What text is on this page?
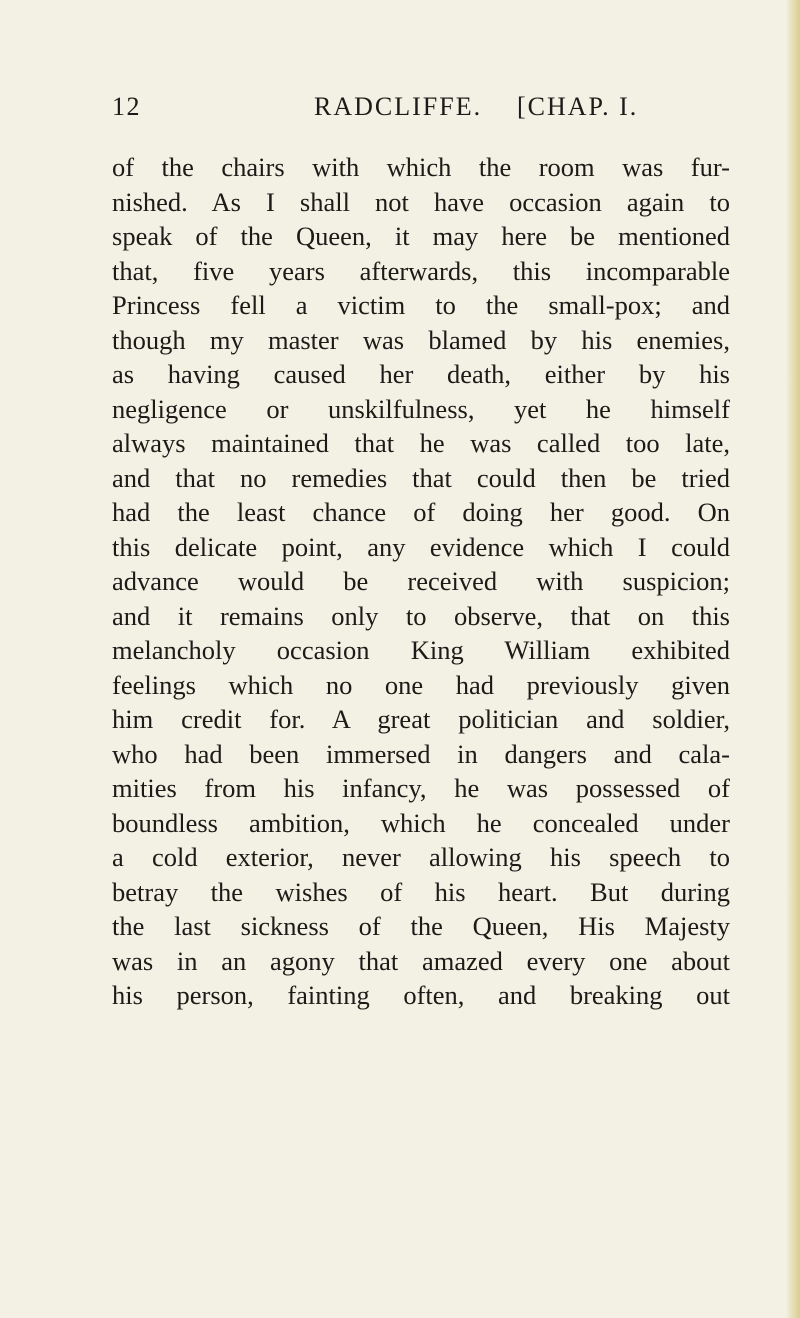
12	RADCLIFFE. [CHAP. I.
of the chairs with which the room was fur-
nished. As I shall not have occasion again to
speak of the Queen, it may here be mentioned
that, five years afterwards, this incomparable
Princess fell a victim to the small-pox; and
though my master was blamed by his enemies,
as having caused her death, either by his
negligence or unskilfulness, yet he himself
always maintained that he was called too late,
and that no remedies that could then be tried
had the least chance of doing her good. On
this delicate point, any evidence which I could
advance would be received with suspicion;
and it remains only to observe, that on this
melancholy occasion King William exhibited
feelings which no one had previously given
him credit for. A great politician and soldier,
who had been immersed in dangers and cala-
mities from his infancy, he was possessed of
boundless ambition, which he concealed under
a cold exterior, never allowing his speech to
betray the wishes of his heart. But during
the last sickness of the Queen, His Majesty
was in an agony that amazed every one about
his person, fainting often, and breaking out
